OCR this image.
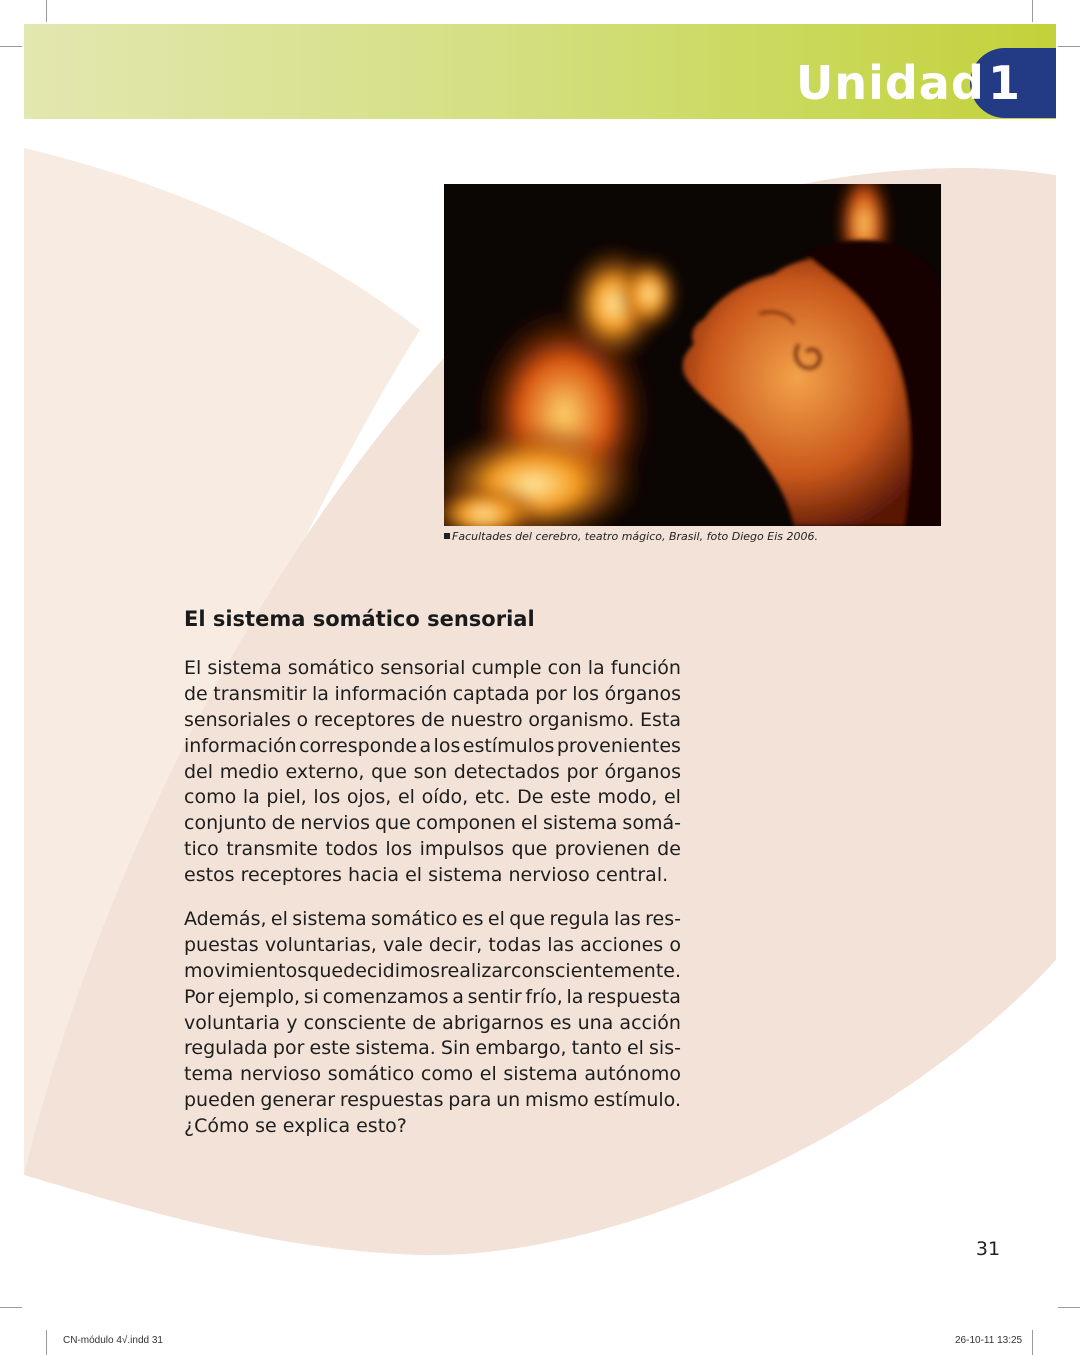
Unidad 1
Facultades del cerebro, teatro mágico, Brasil, foto Diego Eis 2006.
El sistema somático sensorial
El sistema somático sensorial cumple con la función
de transmitir la información captada por los órganos
sensoriales o receptores de nuestro organismo. Esta
información corresponde a los estímulos provenientes
del medio externo, que son detectados por órganos
como la piel, los ojos, el oído, etc. De este modo, el
conjunto de nervios que componen el sistema somá-
tico transmite todos los impulsos que provienen de
estos receptores hacia el sistema nervioso central.
Además, el sistema somático es el que regula las res-
puestas voluntarias, vale decir, todas las acciones o
movimientos que decidimos realizar conscientemente.
Por ejemplo, si comenzamos a sentir frío, la respuesta
voluntaria y consciente de abrigarnos es una acción
regulada por este sistema. Sin embargo, tanto el sis-
tema nervioso somático como el sistema autónomo
pueden generar respuestas para un mismo estímulo.
¿Cómo se explica esto?
31
CN-módulo 4√.indd 31	26-10-11 13:25
